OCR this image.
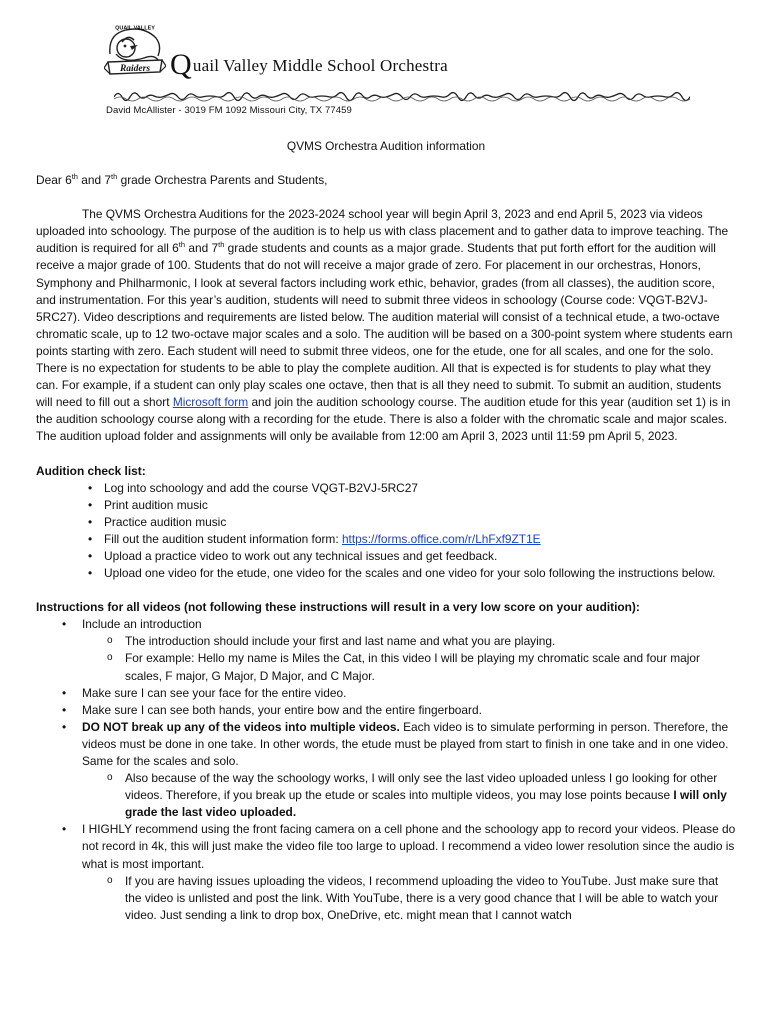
Raiders
QUAIL VALLEY
Quail Valley Middle School Orchestra
David McAllister - 3019 FM 1092 Missouri City, TX 77459

QVMS Orchestra Audition information

Dear 6th and 7th grade Orchestra Parents and Students,

The QVMS Orchestra Auditions for the 2023-2024 school year will begin April 3, 2023 and end April 5, 2023 via videos uploaded into schoology. The purpose of the audition is to help us with class placement and to gather data to improve teaching. The audition is required for all 6th and 7th grade students and counts as a major grade. Students that put forth effort for the audition will receive a major grade of 100. Students that do not will receive a major grade of zero. For placement in our orchestras, Honors, Symphony and Philharmonic, I look at several factors including work ethic, behavior, grades (from all classes), the audition score, and instrumentation. For this year’s audition, students will need to submit three videos in schoology (Course code: VQGT-B2VJ-5RC27). Video descriptions and requirements are listed below. The audition material will consist of a technical etude, a two-octave chromatic scale, up to 12 two-octave major scales and a solo. The audition will be based on a 300-point system where students earn points starting with zero. Each student will need to submit three videos, one for the etude, one for all scales, and one for the solo. There is no expectation for students to be able to play the complete audition. All that is expected is for students to play what they can. For example, if a student can only play scales one octave, then that is all they need to submit. To submit an audition, students will need to fill out a short Microsoft form and join the audition schoology course. The audition etude for this year (audition set 1) is in the audition schoology course along with a recording for the etude. There is also a folder with the chromatic scale and major scales. The audition upload folder and assignments will only be available from 12:00 am April 3, 2023 until 11:59 pm April 5, 2023.

Audition check list:

• Log into schoology and add the course VQGT-B2VJ-5RC27
• Print audition music
• Practice audition music
• Fill out the audition student information form: https://forms.office.com/r/LhFxf9ZT1E
• Upload a practice video to work out any technical issues and get feedback.
• Upload one video for the etude, one video for the scales and one video for your solo following the instructions below.

Instructions for all videos (not following these instructions will result in a very low score on your audition):

• Include an introduction
o The introduction should include your first and last name and what you are playing.
o For example: Hello my name is Miles the Cat, in this video I will be playing my chromatic scale and four major scales, F major, G Major, D Major, and C Major.
• Make sure I can see your face for the entire video.
• Make sure I can see both hands, your entire bow and the entire fingerboard.
• DO NOT break up any of the videos into multiple videos. Each video is to simulate performing in person. Therefore, the videos must be done in one take. In other words, the etude must be played from start to finish in one take and in one video. Same for the scales and solo.
o Also because of the way the schoology works, I will only see the last video uploaded unless I go looking for other videos. Therefore, if you break up the etude or scales into multiple videos, you may lose points because I will only grade the last video uploaded.
• I HIGHLY recommend using the front facing camera on a cell phone and the schoology app to record your videos. Please do not record in 4k, this will just make the video file too large to upload. I recommend a video lower resolution since the audio is what is most important.
o If you are having issues uploading the videos, I recommend uploading the video to YouTube. Just make sure that the video is unlisted and post the link. With YouTube, there is a very good chance that I will be able to watch your video. Just sending a link to drop box, OneDrive, etc. might mean that I cannot watch
